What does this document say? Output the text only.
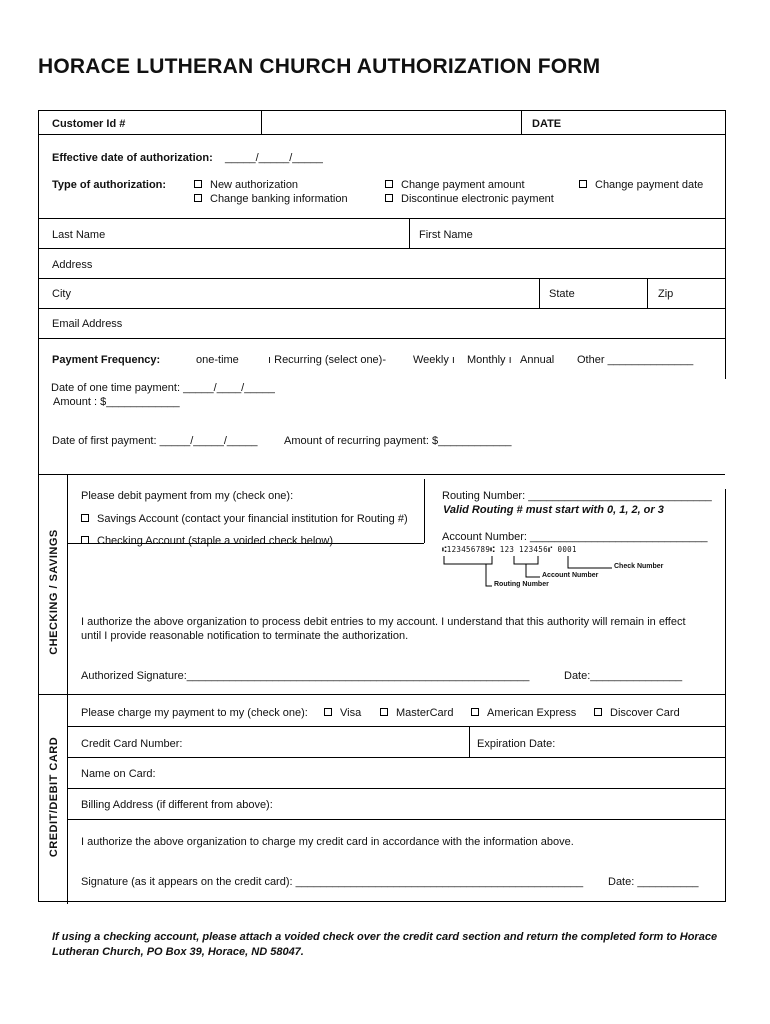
HORACE LUTHERAN CHURCH AUTHORIZATION FORM
Customer Id #	DATE
Effective date of authorization: _____/_____/_____
Type of authorization:	New authorization
Change banking information
Change payment amount
Discontinue electronic payment
Change payment date
Last Name	First Name
Address
City	State	Zip
Email Address
Payment Frequency:	one-time	ı Recurring (select one)- Weekly ı Monthly ı Annual Other ______________
Date of one time payment: _____/____/_____
Amount : $____________
Date of first payment: _____/_____/_____ Amount of recurring payment: $____________
CHECKING / SAVINGS
Please debit payment from my (check one):
Savings Account (contact your financial institution for Routing #)
Checking Account (staple a voided check below)
Routing Number: ______________________________
Valid Routing # must start with 0, 1, 2, or 3
Account Number: _____________________________
⑆123456789⑆ 123 123456⑈ 0001
Check Number
Account Number
Routing Number
I authorize the above organization to process debit entries to my account. I understand that this authority will remain in effect
until I provide reasonable notification to terminate the authorization.
Authorized Signature:________________________________________________________	Date:_______________
CREDIT/DEBIT CARD
Please charge my payment to my (check one):	Visa	MasterCard	American Express	Discover Card
Credit Card Number:	Expiration Date:
Name on Card:
Billing Address (if different from above):
I authorize the above organization to charge my credit card in accordance with the information above.
Signature (as it appears on the credit card): _______________________________________________ Date: __________
If using a checking account, please attach a voided check over the credit card section and return the completed form to Horace Lutheran Church, PO Box 39, Horace, ND 58047.
